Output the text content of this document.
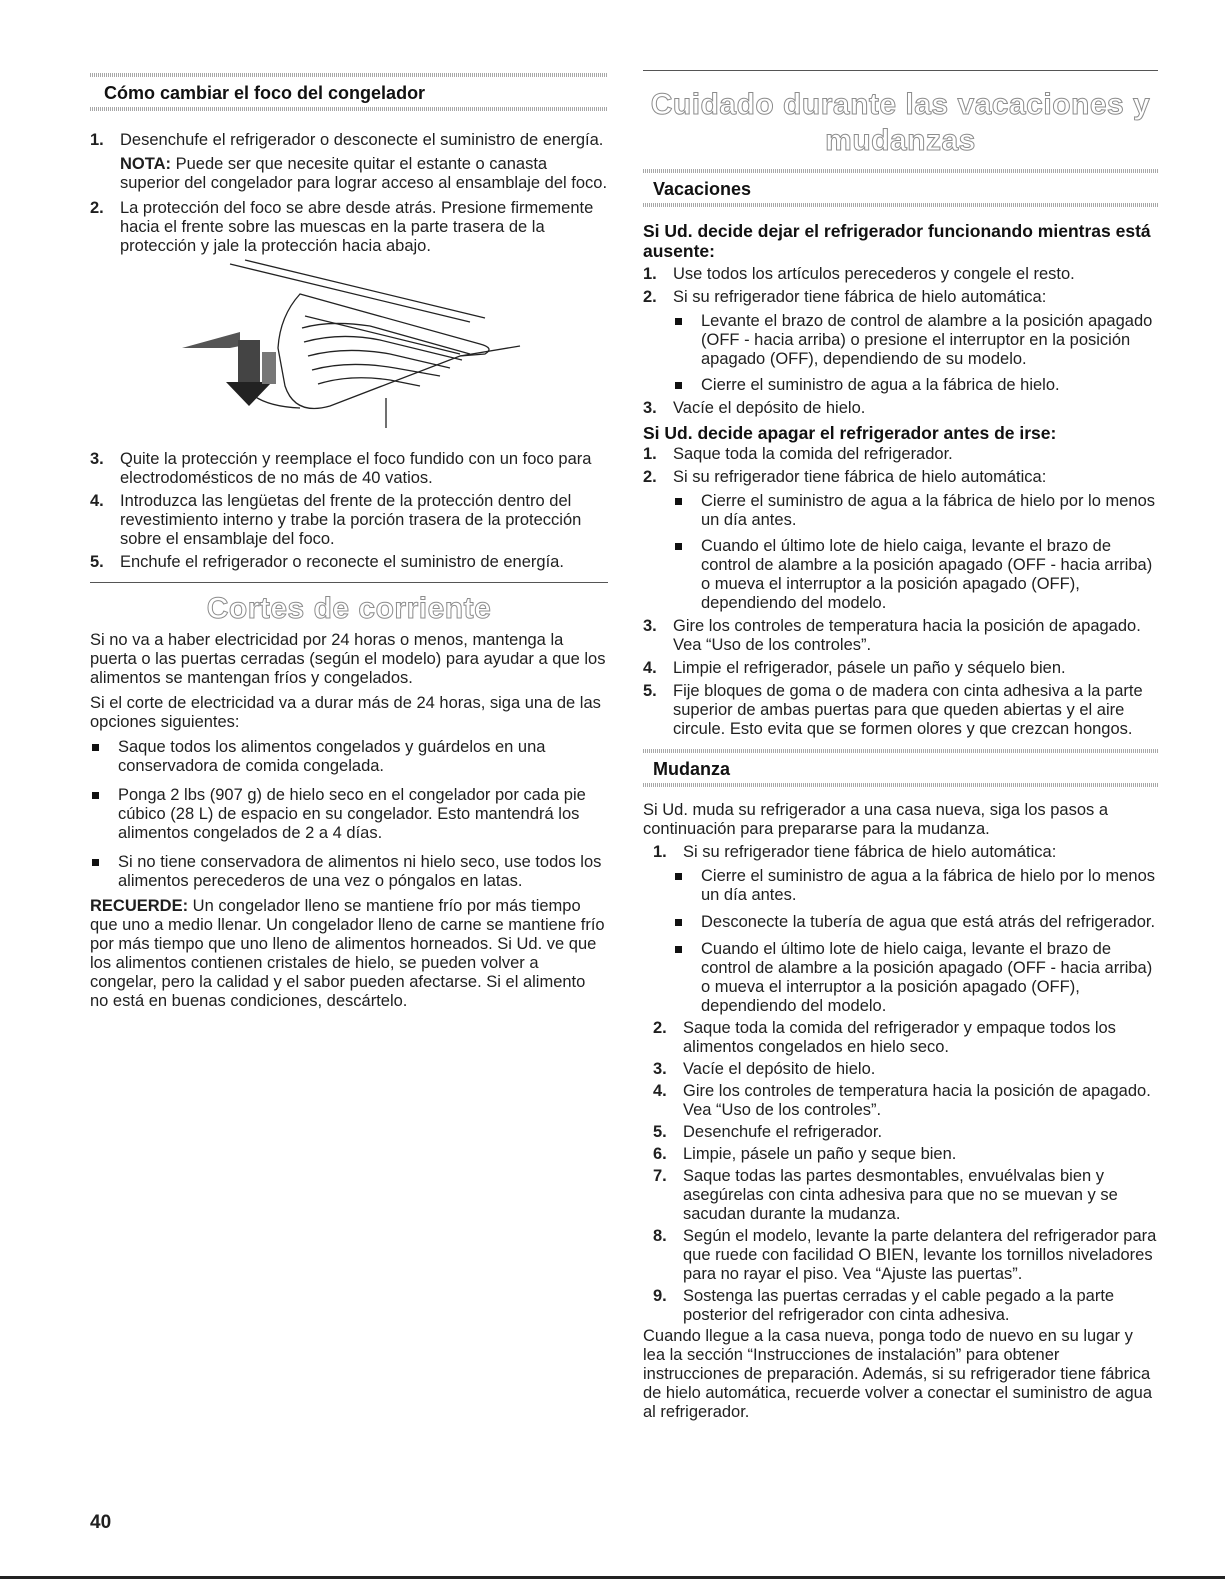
Cómo cambiar el foco del congelador
1. Desenchufe el refrigerador o desconecte el suministro de energía.

NOTA: Puede ser que necesite quitar el estante o canasta superior del congelador para lograr acceso al ensamblaje del foco.

2. La protección del foco se abre desde atrás. Presione firmemente hacia el frente sobre las muescas en la parte trasera de la protección y jale la protección hacia abajo.
3. Quite la protección y reemplace el foco fundido con un foco para electrodomésticos de no más de 40 vatios.
4. Introduzca las lengüetas del frente de la protección dentro del revestimiento interno y trabe la porción trasera de la protección sobre el ensamblaje del foco.
5. Enchufe el refrigerador o reconecte el suministro de energía.
Cortes de corriente

Si no va a haber electricidad por 24 horas o menos, mantenga la puerta o las puertas cerradas (según el modelo) para ayudar a que los alimentos se mantengan fríos y congelados.

Si el corte de electricidad va a durar más de 24 horas, siga una de las opciones siguientes:

Saque todos los alimentos congelados y guárdelos en una conservadora de comida congelada.
Ponga 2 lbs (907 g) de hielo seco en el congelador por cada pie cúbico (28 L) de espacio en su congelador. Esto mantendrá los alimentos congelados de 2 a 4 días.
Si no tiene conservadora de alimentos ni hielo seco, use todos los alimentos perecederos de una vez o póngalos en latas.

RECUERDE: Un congelador lleno se mantiene frío por más tiempo que uno a medio llenar. Un congelador lleno de carne se mantiene frío por más tiempo que uno lleno de alimentos horneados. Si Ud. ve que los alimentos contienen cristales de hielo, se pueden volver a congelar, pero la calidad y el sabor pueden afectarse. Si el alimento no está en buenas condiciones, descártelo.

Cuidado durante las vacaciones y
mudanzas
Vacaciones
Si Ud. decide dejar el refrigerador funcionando mientras está ausente:
1. Use todos los artículos perecederos y congele el resto.
2. Si su refrigerador tiene fábrica de hielo automática:
Levante el brazo de control de alambre a la posición apagado (OFF - hacia arriba) o presione el interruptor en la posición apagado (OFF), dependiendo de su modelo.
Cierre el suministro de agua a la fábrica de hielo.
3. Vacíe el depósito de hielo.
Si Ud. decide apagar el refrigerador antes de irse:
1. Saque toda la comida del refrigerador.
2. Si su refrigerador tiene fábrica de hielo automática:
Cierre el suministro de agua a la fábrica de hielo por lo menos un día antes.
Cuando el último lote de hielo caiga, levante el brazo de control de alambre a la posición apagado (OFF - hacia arriba) o mueva el interruptor a la posición apagado (OFF), dependiendo del modelo.
3. Gire los controles de temperatura hacia la posición de apagado. Vea “Uso de los controles”.
4. Limpie el refrigerador, pásele un paño y séquelo bien.
5. Fije bloques de goma o de madera con cinta adhesiva a la parte superior de ambas puertas para que queden abiertas y el aire circule. Esto evita que se formen olores y que crezcan hongos.
Mudanza

Si Ud. muda su refrigerador a una casa nueva, siga los pasos a continuación para prepararse para la mudanza.

1. Si su refrigerador tiene fábrica de hielo automática:
Cierre el suministro de agua a la fábrica de hielo por lo menos un día antes.
Desconecte la tubería de agua que está atrás del refrigerador.
Cuando el último lote de hielo caiga, levante el brazo de control de alambre a la posición apagado (OFF - hacia arriba) o mueva el interruptor a la posición apagado (OFF), dependiendo del modelo.
2. Saque toda la comida del refrigerador y empaque todos los alimentos congelados en hielo seco.
3. Vacíe el depósito de hielo.
4. Gire los controles de temperatura hacia la posición de apagado. Vea “Uso de los controles”.
5. Desenchufe el refrigerador.
6. Limpie, pásele un paño y seque bien.
7. Saque todas las partes desmontables, envuélvalas bien y asegúrelas con cinta adhesiva para que no se muevan y se sacudan durante la mudanza.
8. Según el modelo, levante la parte delantera del refrigerador para que ruede con facilidad O BIEN, levante los tornillos niveladores para no rayar el piso. Vea “Ajuste las puertas”.
9. Sostenga las puertas cerradas y el cable pegado a la parte posterior del refrigerador con cinta adhesiva.

Cuando llegue a la casa nueva, ponga todo de nuevo en su lugar y lea la sección “Instrucciones de instalación” para obtener instrucciones de preparación. Además, si su refrigerador tiene fábrica de hielo automática, recuerde volver a conectar el suministro de agua al refrigerador.

40
